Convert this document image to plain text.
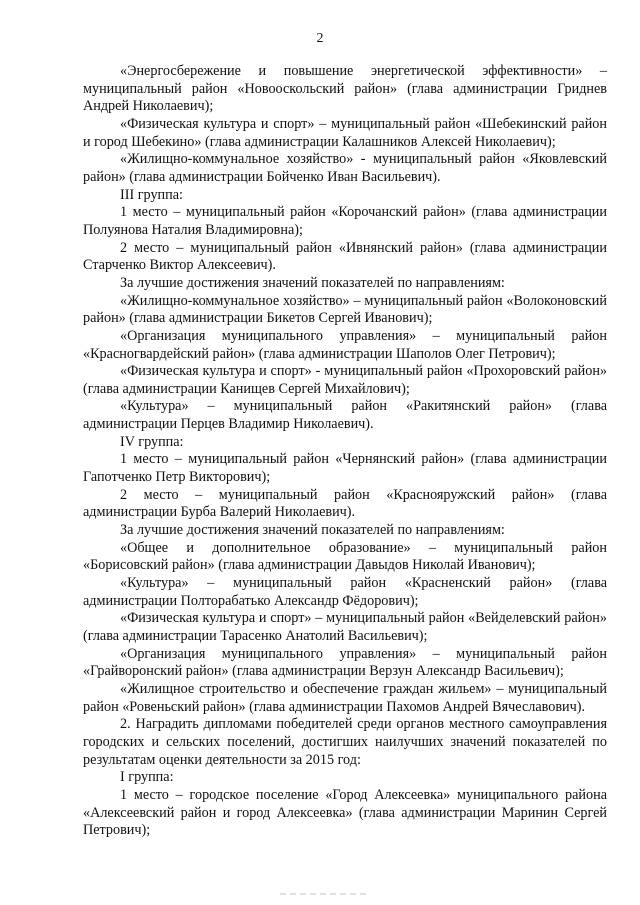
2

«Энергосбережение и повышение энергетической эффективности» – муниципальный район «Новооскольский район» (глава администрации Гриднев Андрей Николаевич);

«Физическая культура и спорт» – муниципальный район «Шебекинский район и город Шебекино» (глава администрации Калашников Алексей Николаевич);

«Жилищно-коммунальное хозяйство» - муниципальный район «Яковлевский район» (глава администрации Бойченко Иван Васильевич).

III группа:

1 место – муниципальный район «Корочанский район» (глава администрации Полуянова Наталия Владимировна);

2 место – муниципальный район «Ивнянский район» (глава администрации Старченко Виктор Алексеевич).

За лучшие достижения значений показателей по направлениям:

«Жилищно-коммунальное хозяйство» – муниципальный район «Волоконовский район» (глава администрации Бикетов Сергей Иванович);

«Организация муниципального управления» – муниципальный район «Красногвардейский район» (глава администрации Шаполов Олег Петрович);

«Физическая культура и спорт» - муниципальный район «Прохоровский район» (глава администрации Канищев Сергей Михайлович);

«Культура» – муниципальный район «Ракитянский район» (глава администрации Перцев Владимир Николаевич).

IV группа:

1 место – муниципальный район «Чернянский район» (глава администрации Гапотченко Петр Викторович);

2 место – муниципальный район «Краснояружский район» (глава администрации Бурба Валерий Николаевич).

За лучшие достижения значений показателей по направлениям:

«Общее и дополнительное образование» – муниципальный район «Борисовский район» (глава администрации Давыдов Николай Иванович);

«Культура» – муниципальный район «Красненский район» (глава администрации Полторабатько Александр Фёдорович);

«Физическая культура и спорт» – муниципальный район «Вейделевский район» (глава администрации Тарасенко Анатолий Васильевич);

«Организация муниципального управления» – муниципальный район «Грайворонский район» (глава администрации Верзун Александр Васильевич);

«Жилищное строительство и обеспечение граждан жильем» – муниципальный район «Ровеньский район» (глава администрации Пахомов Андрей Вячеславович).

2. Наградить дипломами победителей среди органов местного самоуправления городских и сельских поселений, достигших наилучших значений показателей по результатам оценки деятельности за 2015 год:

I группа:

1 место – городское поселение «Город Алексеевка» муниципального района «Алексеевский район и город Алексеевка» (глава администрации Маринин Сергей Петрович);
